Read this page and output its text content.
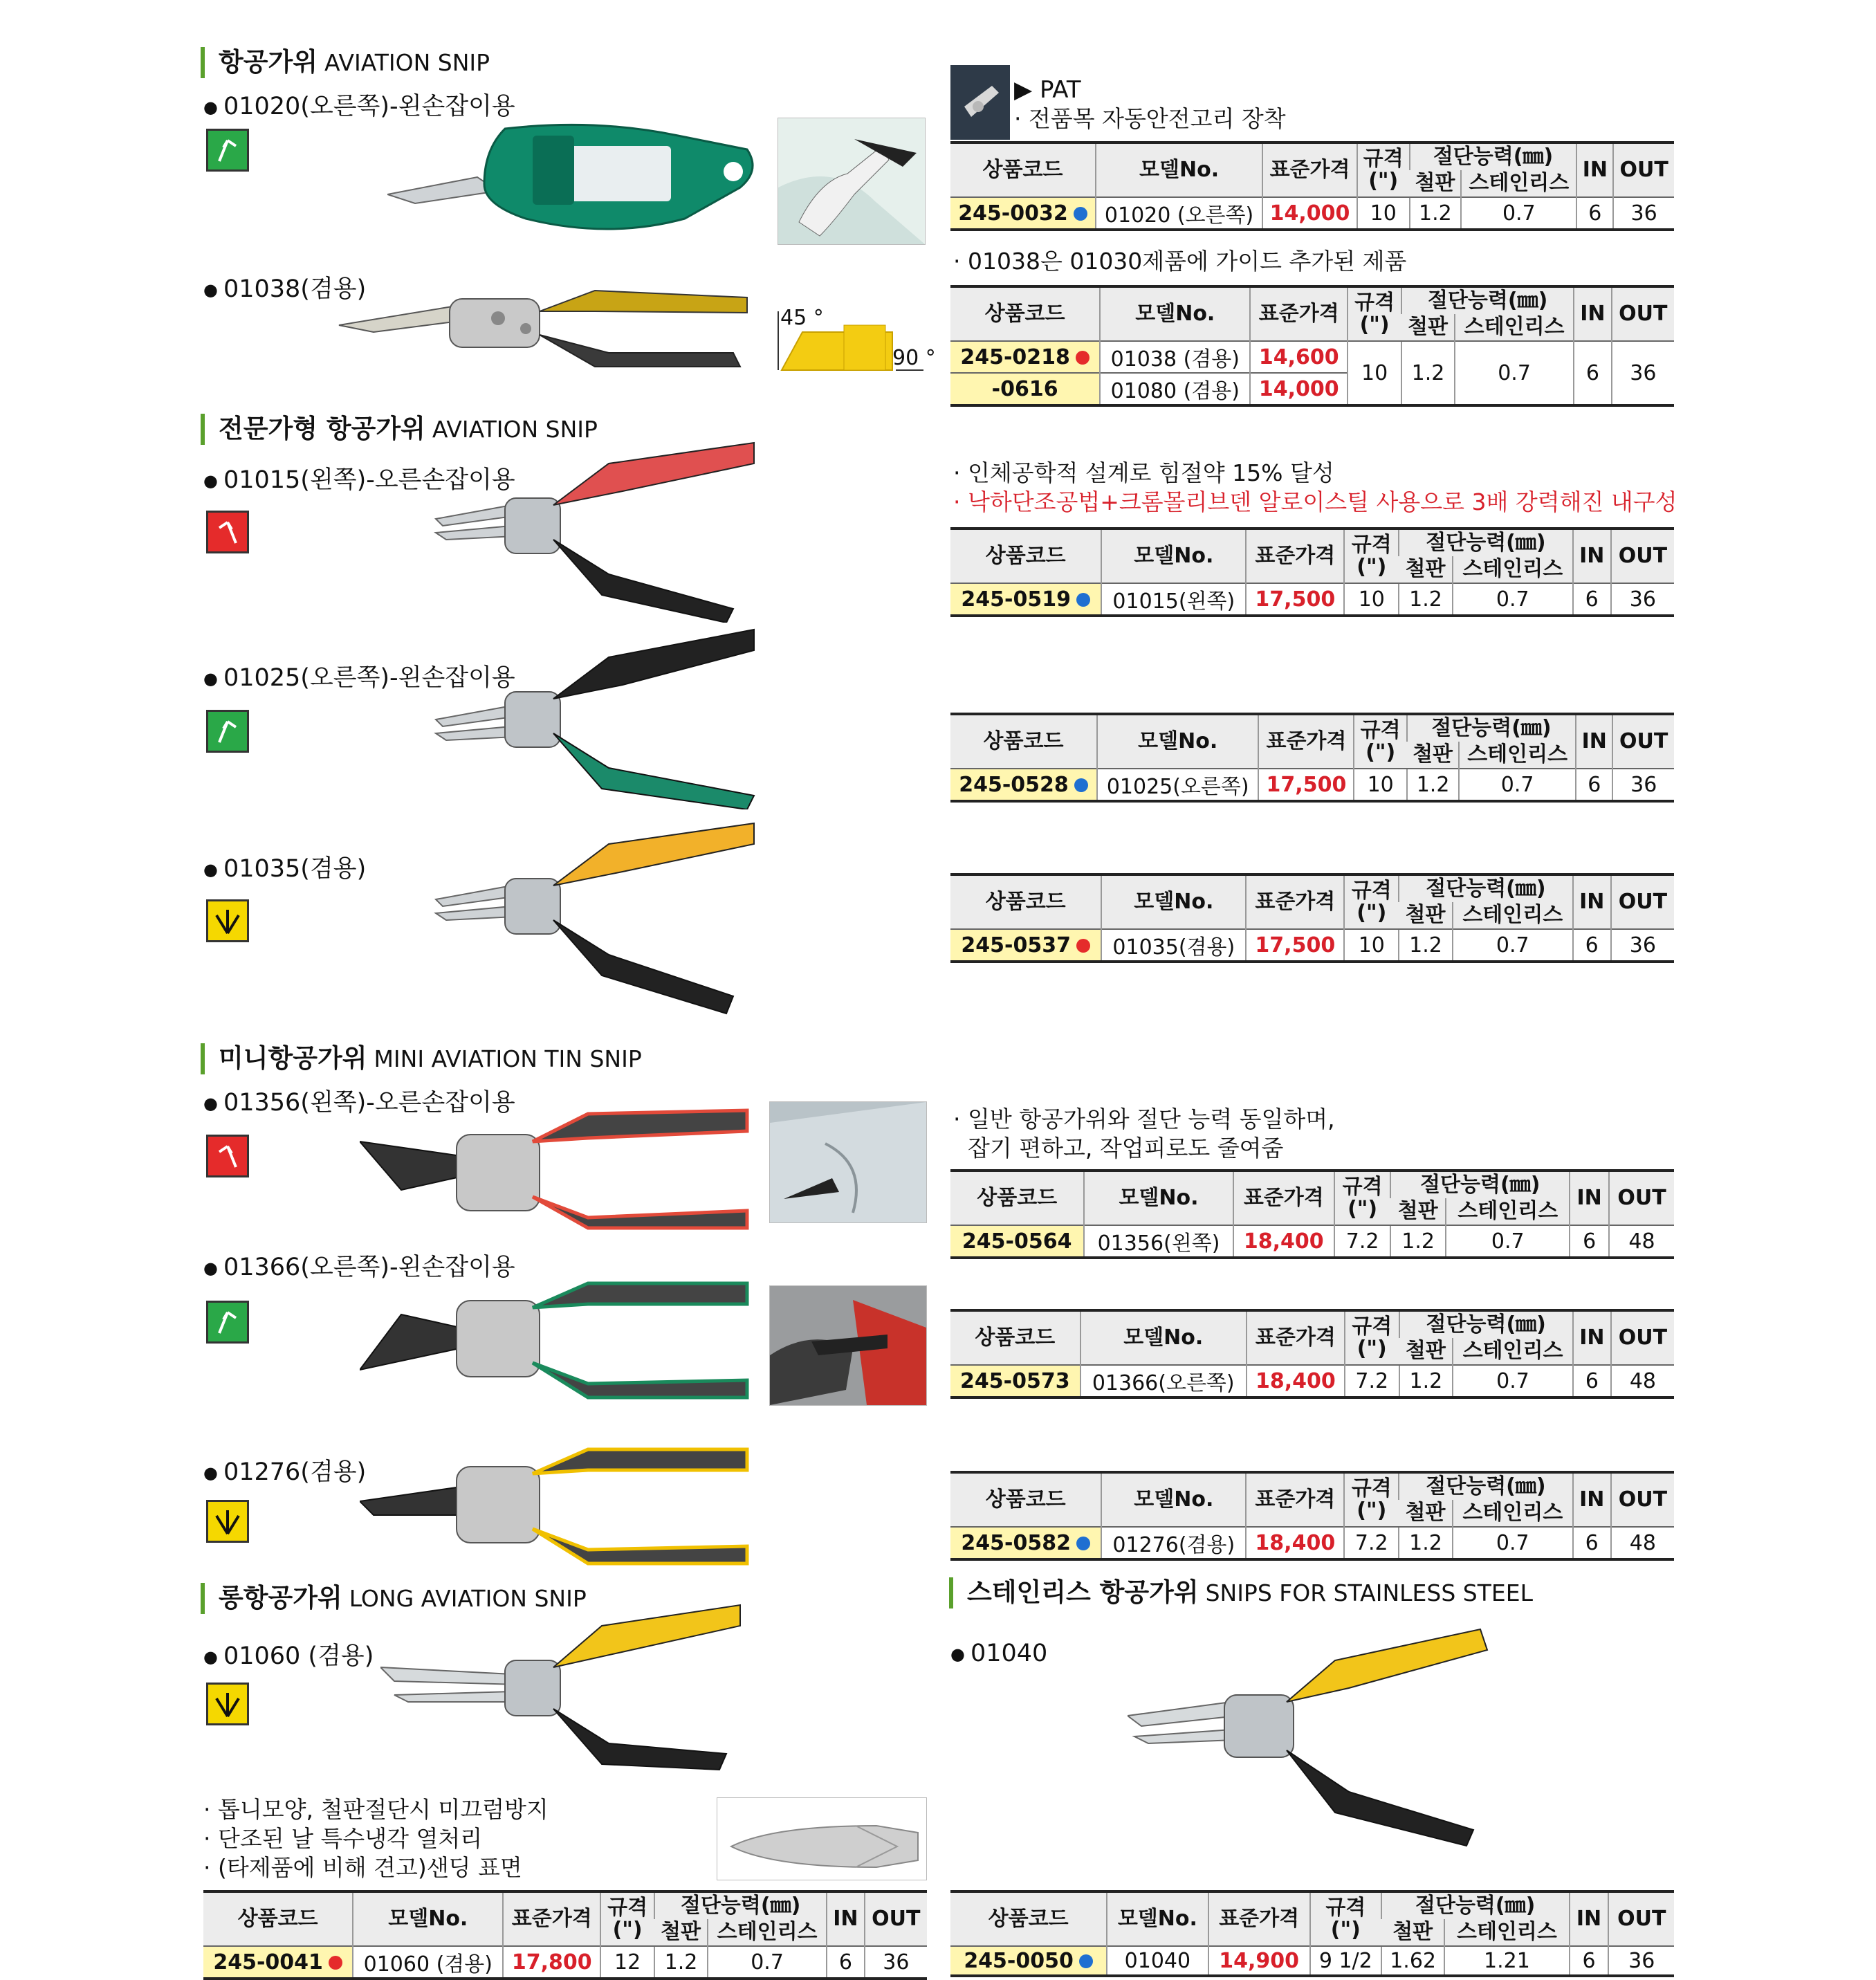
항공가위 AVIATION SNIP
전문가형 항공가위 AVIATION SNIP
미니항공가위 MINI AVIATION TIN SNIP
롱항공가위 LONG AVIATION SNIP	스테인리스 항공가위 SNIPS FOR STAINLESS STEEL
● 01020(오른쪽)-왼손잡이용
● 01038(겸용)
● 01015(왼쪽)-오른손잡이용
● 01025(오른쪽)-왼손잡이용
● 01035(겸용)
● 01356(왼쪽)-오른손잡이용
● 01366(오른쪽)-왼손잡이용
● 01276(겸용)
● 01060 (겸용)	● 01040
45 °
90 °
▶ PAT
· 전품목 자동안전고리 장착
· 01038은 01030제품에 가이드 추가된 제품
· 인체공학적 설계로 힘절약 15% 달성
· 낙하단조공법+크롬몰리브덴 알로이스틸 사용으로 3배 강력해진 내구성
· 일반 항공가위와 절단 능력 동일하며,
잡기 편하고, 작업피로도 줄여줌
· 톱니모양, 철판절단시 미끄럼방지
· 단조된 날 특수냉각 열처리
· (타제품에 비해 견고)샌딩 표면
상품코드	모델No.	표준가격	규격
(")	절단능력(㎜)		IN	OUT
				철판	스테인리스		
245-0032	01020 (오른쪽)	14,000	10	1.2	0.7	6	36
상품코드	모델No.	표준가격	규격
(")	절단능력(㎜)		IN	OUT
				철판	스테인리스		
245-0218	01038 (겸용)	14,600	10	1.2	0.7	6	36
-0616	01080 (겸용)	14,000					
상품코드	모델No.	표준가격	규격
(")	절단능력(㎜)		IN	OUT
				철판	스테인리스		
245-0519	01015(왼쪽)	17,500	10	1.2	0.7	6	36
상품코드	모델No.	표준가격	규격
(")	절단능력(㎜)		IN	OUT
				철판	스테인리스		
245-0528	01025(오른쪽)	17,500	10	1.2	0.7	6	36
상품코드	모델No.	표준가격	규격
(")	절단능력(㎜)		IN	OUT
				철판	스테인리스		
245-0537	01035(겸용)	17,500	10	1.2	0.7	6	36
상품코드	모델No.	표준가격	규격
(")	절단능력(㎜)		IN	OUT
				철판	스테인리스		
245-0564	01356(왼쪽)	18,400	7.2	1.2	0.7	6	48
상품코드	모델No.	표준가격	규격
(")	절단능력(㎜)		IN	OUT
				철판	스테인리스		
245-0573	01366(오른쪽)	18,400	7.2	1.2	0.7	6	48
상품코드	모델No.	표준가격	규격
(")	절단능력(㎜)		IN	OUT
				철판	스테인리스		
245-0582	01276(겸용)	18,400	7.2	1.2	0.7	6	48
상품코드	모델No.	표준가격	규격
(")	절단능력(㎜)		IN	OUT
				철판	스테인리스		
245-0041	01060 (겸용)	17,800	12	1.2	0.7	6	36
상품코드	모델No.	표준가격	규격
(")	절단능력(㎜)		IN	OUT
				철판	스테인리스		
245-0050	01040	14,900	9 1/2	1.62	1.21	6	36
